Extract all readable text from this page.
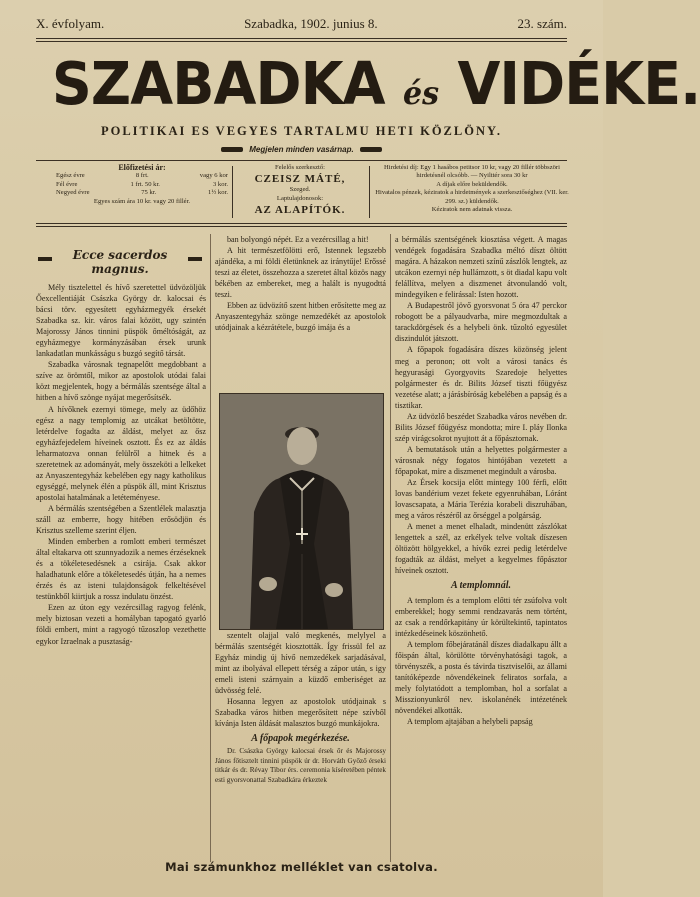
X. évfolyam.	Szabadka, 1902. junius 8.	23. szám.
SZABADKA és VIDÉKE.
POLITIKAI ES VEGYES TARTALMU HETI KÖZLÖNY.
Megjelen minden vasárnap.
Előfizetési ár:
Egész évre	8 frt.	vagy 6 kor
Fél évre	1 frt. 50 kr.	3 kor.
Negyed évre	75 kr.	1½ kor.
Egyes szám ára 10 kr. vagy 20 fillér.
Felelős szerkesztő:
CZEISZ MÁTÉ,
Szeged.
Laptulajdonosok:
AZ ALAPÍTÓK.
Hirdetési díj: Egy 1 hasábos petitsor 10 kr, vagy 20 fillér többszöri hirdetésnél olcsóbb. — Nyilttér sora 30 kr
A díjak előre beküldendők.
Hivatalos pénzek, kéziratok a hirdetmények a szerkesztőséghez (VII. ker. 299. sz.) küldendők.
Kéziratok nem adatnak vissza.
Ecce sacerdos magnus.

Mély tisztelettel és hívő szeretettel üdvözöljük Őexcellentiáját Császka György dr. kalocsai és bácsi törv. egyesített egyházmegyék érsekét Szabadka sz. kir. város falai között, ugy szintén Majorossy János tinnini püspök őméltóságát, az egyházmegye kormányzásában érsek urunk lankadatlan munkásságu s buzgó segítő társát.

Szabadka városnak tegnapelőtt megdobbant a szíve az örömtől, mikor az apostolok utódai falai közt megjelentek, hogy a bérmálás szentsége által a hitben a hívő szönge nyájat megerősítsék.

A hívőknek ezernyi tömege, mely az üdőhöz egész a nagy templomig az utcákat betöltötte, letérdelve fogadta az áldást, melyet az ősz egyházfejedelem híveinek osztott. És ez az áldás leharmatozva onnan felülről a hitnek és a szeretetnek az adományát, mely összeköti a lelkeket az Anyaszentegyház kebelében egy nagy katholikus egységgé, melynek élén a püspök áll, mint Krisztus apostolai hatalmának a letéteményese.

A bérmálás szentségében a Szentlélek malasztja száll az emberre, hogy hitében erősödjön és Krisztus szelleme szerint éljen.

Minden emberben a romlott emberi természet által eltakarva ott szunnyadozik a nemes érzéseknek és a tökéletesedésnek a csirája. Csak akkor haladhatunk előre a tökéletesedés útján, ha a nemes érzés és az isteni tulajdonságok felkeltésével testünkből kiirtjuk a rossz indulatu önzést.

Ezen az úton egy vezércsillag ragyog felénk, mely biztosan vezeti a homályban tapogató gyarló földi embert, mint a ragyogó tűzoszlop vezethette egykor Izraelnak a pusztaság-

ban bolyongó népét. Ez a vezércsillag a hit!

A hit természetfölötti erő, Istennek legszebb ajándéka, a mi földi életünknek az iránytűje! Erőssé teszi az életet, összehozza a szeretet által közös nagy békében az embereket, meg a halált is nyugodttá teszi.

Ebben az üdvözítő szent hitben erősítette meg az Anyaszentegyház szönge nemzedékét az apostolok utódjainak a kézrátétele, buzgó imája és a

szentelt olajjal való megkenés, melylyel a bérmálás szentségét kiosztották. Így frissül fel az Egyház mindig új hívő nemzedékek sarjadásával, mint az ibolyával ellepett térség a zápor után, s igy emeli isteni szárnyain a küzdő emberiséget az üdvösség felé.

Hosanna legyen az apostolok utódjainak s Szabadka város hitben megerősített népe szívből kívánja Isten áldását malasztos buzgó munkájokra.

A főpapok megérkezése.

Dr. Császka György kalocsai érsek őr és Majorossy János főtisztelt tinnini püspök úr dr. Horváth Győző érseki titkár és dr. Révay Tibor érs. ceremonia kíséretében péntek esti gyorsvonattal Szabadkára érkeztek

a bérmálás szentségének kiosztása végett. A magas vendégek fogadására Szabadka méltó díszt öltött magára. A házakon nemzeti színű zászlók lengtek, az utcákon ezernyi nép hullámzott, s öt diadal kapu volt felállítva, melyen a diszmenet átvonulandó volt, mindegyiken e felirással: Isten hozott.

A Budapestről jövő gyorsvonat 5 óra 47 perckor robogott be a pályaudvarba, mire megmozdultak a tarackdörgések és a helybeli önk. tűzoltó egyesület diszindulót játszott.

A főpapok fogadására díszes közönség jelent meg a peronon; ott volt a városi tanács és hegyurasági Gyorgyovits Szaredoje helyettes polgármester és dr. Bilits József tiszti főügyész vezetése alatt; a járásbíróság kebelében a papság és a tisztikar.

Az üdvözlő beszédet Szabadka város nevében dr. Bilits József főügyész mondotta; mire I. pláy Ilonka szép virágcsokrot nyujtott át a főpásztornak.

A bemutatások után a helyettes polgármester a városnak négy fogatos hintójában vezetett a főpapokat, mire a diszmenet megindult a városba.

Az Érsek kocsija előtt mintegy 100 férfi, előtt lovas bandérium vezet fekete egyenruhában, Lóránt lovascsapata, a Mária Terézia korabeli diszruhában, meg a város részéről az őrséggel a polgárság.

A menet a menet elhaladt, mindenütt zászlókat lengettek a szél, az erkélyek telve voltak díszesen öltözött hölgyekkel, a hívők ezrei pedig letérdelve fogadták az áldást, melyet a kegyelmes főpásztor híveinek osztott.

A templomnál.

A templom és a templom előtti tér zsúfolva volt emberekkel; hogy semmi rendzavarás nem történt, az csak a rendőrkapitány úr körültekintő, tapintatos intézkedéseinek köszönhető.

A templom főbejáratánál díszes diadalkapu állt a főispán által, körülötte törvényhatósági tagok, a törvényszék, a posta és távirda tisztviselői, az állami tanítóképezde növendékeinek feliratos sorfala, a mely folytatódott a templomban, hol a sorfalat a Misszionyunkról nev. iskolanénék intézetének növendékei alkották.

A templom ajtajában a helybeli papság

Mai számunkhoz melléklet van csatolva.
